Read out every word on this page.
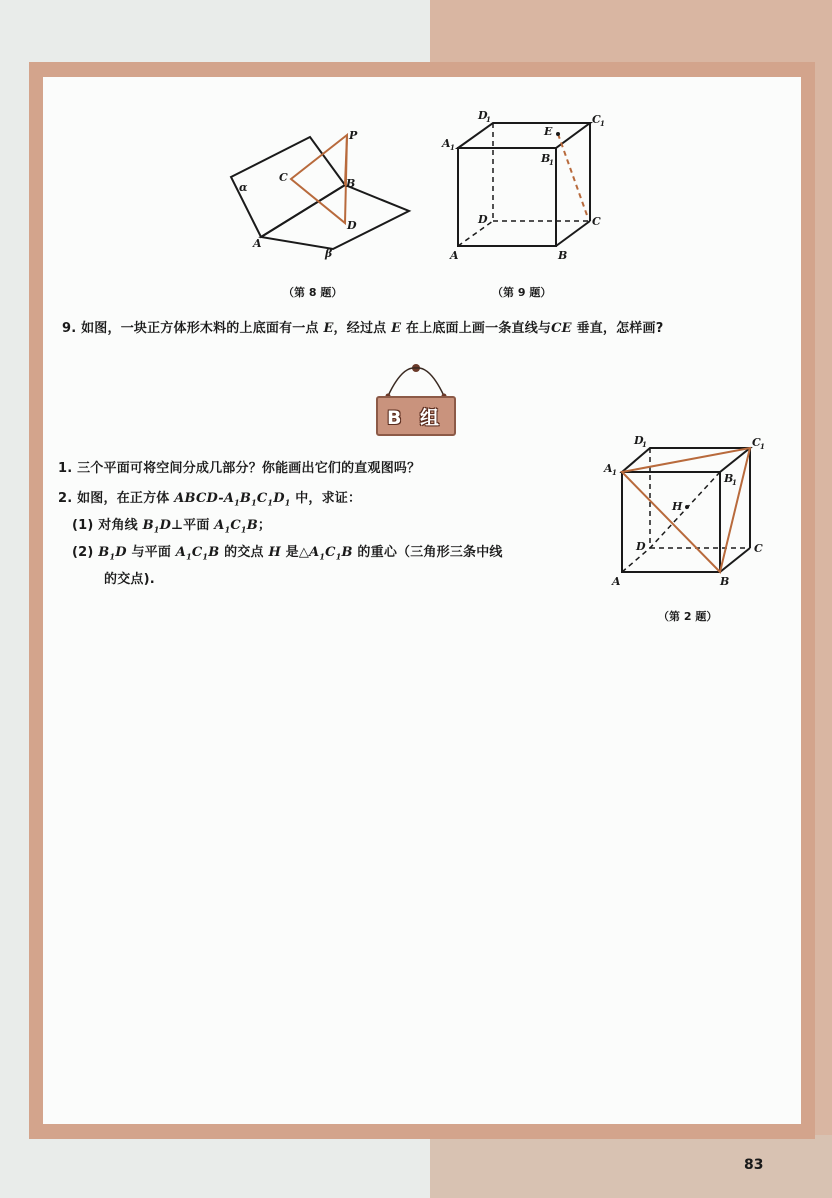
P
C	B
D
A
α
β
（第 8 题）
D
1	C 1
A 1
E
B
1
D	C
A	B
（第 9 题）
9. 如图，一块正方体形木料的上底面有一点 E，经过点 E 在上底面上画一条直线与CE 垂直，怎样画?
B 组
1. 三个平面可将空间分成几部分？你能画出它们的直观图吗？
2. 如图，在正方体 ABCD-$A_1B_1C_1D_1$ 中，求证：
(1) 对角线 $B_1D\perp$平面 $A_1C_1B$；
(2) $B_1D$ 与平面 $A_1C_1B$ 的交点 H 是$\triangle A_1C_1B$ 的重心（三角形三条中线
的交点).
D
1	C 1
A 1	B
1
H
D	C
A	B
（第 2 题）
83
